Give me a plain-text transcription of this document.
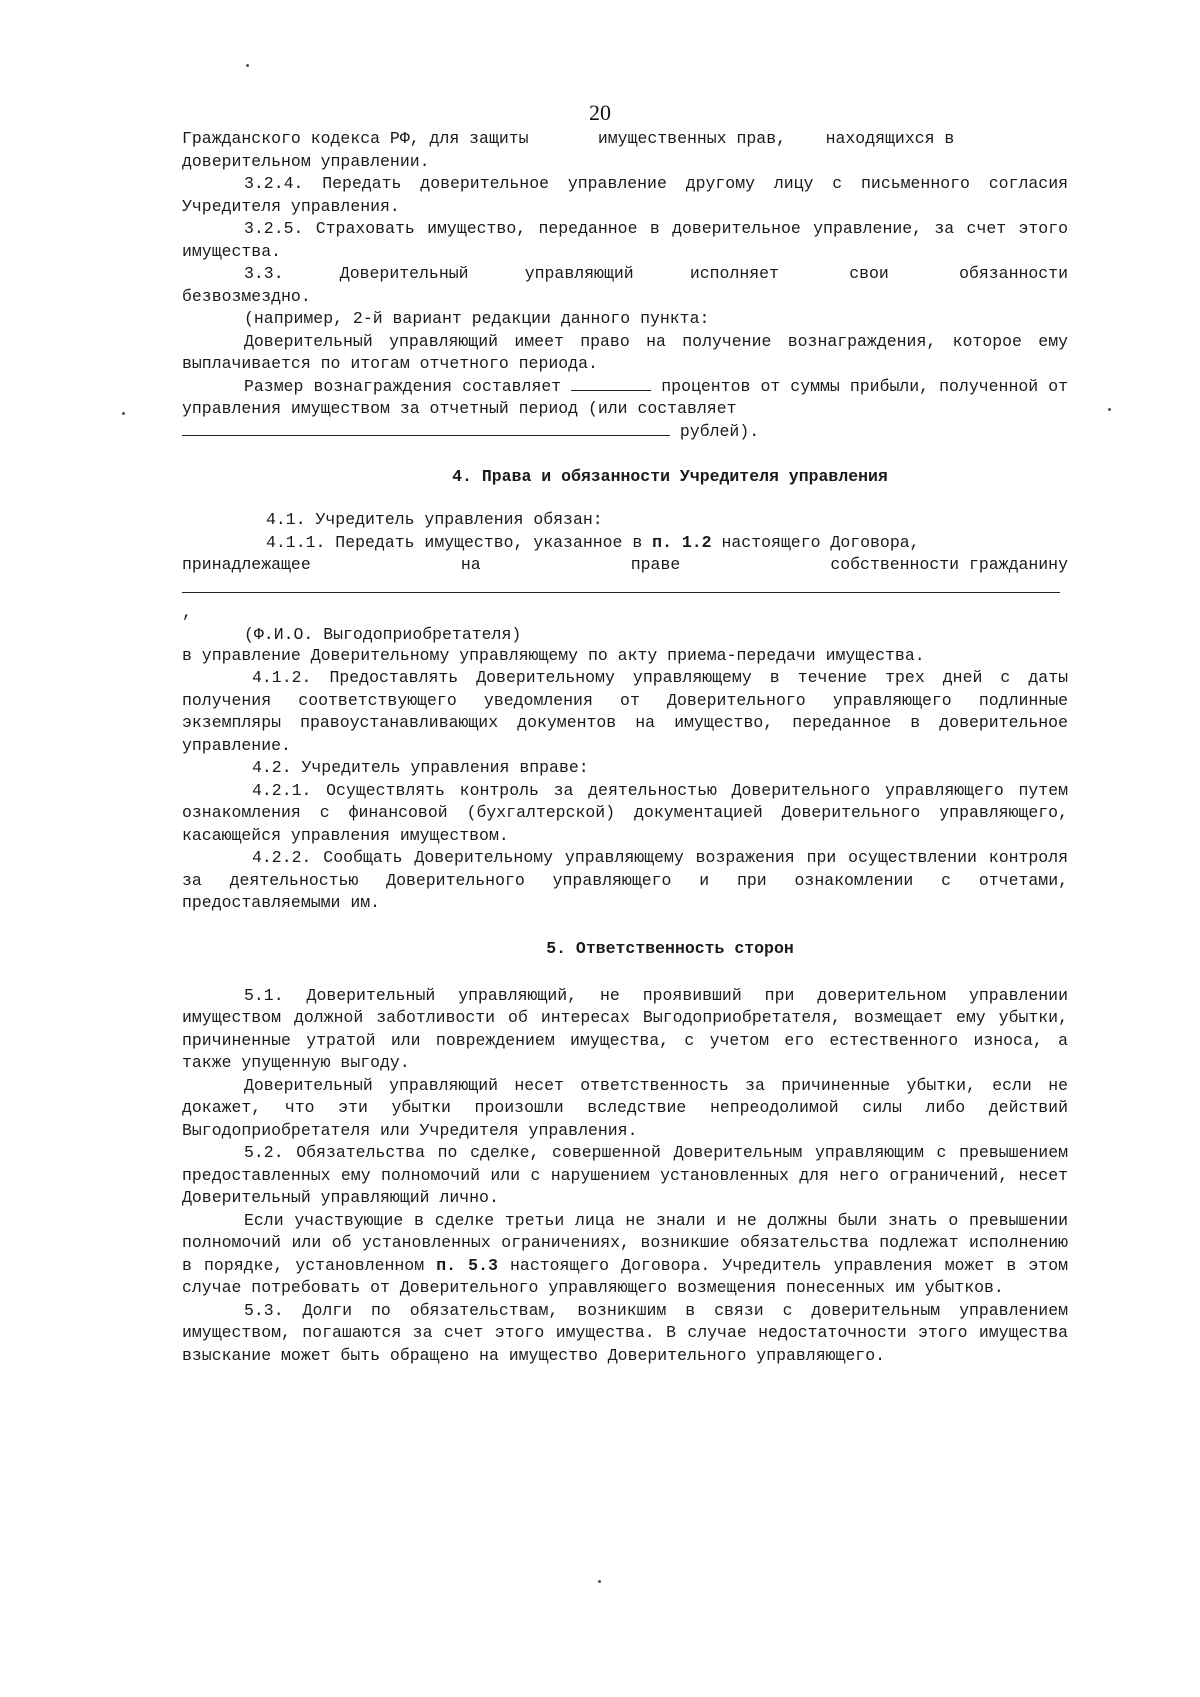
20

Гражданского кодекса РФ, для защиты       имущественных прав,    находящихся в

доверительном управлении.

3.2.4. Передать доверительное управление другому лицу с письменного согласия Учредителя управления.

3.2.5. Страховать имущество, переданное в доверительное управление, за счет этого имущества.

3.3.    Доверительный    управляющий    исполняет     свои     обязанности безвозмездно.

(например, 2-й вариант редакции данного пункта:

Доверительный управляющий имеет право на получение вознаграждения, которое ему выплачивается по итогам отчетного периода.

Размер вознаграждения составляет	процентов от суммы прибыли, полученной от управления имуществом за отчетный период (или составляет

рублей).

4. Права и обязанности Учредителя управления

4.1. Учредитель управления обязан:

4.1.1. Передать имущество, указанное в п. 1.2 настоящего Договора,

принадлежащее	на	праве	собственности гражданину

,

(Ф.И.О. Выгодоприобретателя)

в управление Доверительному управляющему по акту приема-передачи имущества.

4.1.2. Предоставлять Доверительному управляющему в течение трех дней с даты получения соответствующего уведомления от Доверительного управляющего подлинные экземпляры правоустанавливающих документов на имущество, переданное в доверительное управление.

4.2. Учредитель управления вправе:

4.2.1. Осуществлять контроль за деятельностью Доверительного управляющего путем ознакомления с финансовой (бухгалтерской) документацией Доверительного управляющего, касающейся управления имуществом.

4.2.2. Сообщать Доверительному управляющему возражения при осуществлении контроля за деятельностью Доверительного управляющего и при ознакомлении с отчетами, предоставляемыми им.

5. Ответственность сторон

5.1. Доверительный управляющий, не проявивший при доверительном управлении имуществом должной заботливости об интересах Выгодоприобретателя, возмещает ему убытки, причиненные утратой или повреждением имущества, с учетом его естественного износа, а также упущенную выгоду.

Доверительный управляющий несет ответственность за причиненные убытки, если не докажет, что эти убытки произошли вследствие непреодолимой силы либо действий Выгодоприобретателя или Учредителя управления.

5.2. Обязательства по сделке, совершенной Доверительным управляющим с превышением предоставленных ему полномочий или с нарушением установленных для него ограничений, несет Доверительный управляющий лично.

Если участвующие в сделке третьи лица не знали и не должны были знать о превышении полномочий или об установленных ограничениях, возникшие обязательства подлежат исполнению в порядке, установленном п. 5.3 настоящего Договора. Учредитель управления может в этом случае потребовать от Доверительного управляющего возмещения понесенных им убытков.

5.3. Долги по обязательствам, возникшим в связи с доверительным управлением имуществом, погашаются за счет этого имущества. В случае недостаточности этого имущества взыскание может быть обращено на имущество Доверительного управляющего.
